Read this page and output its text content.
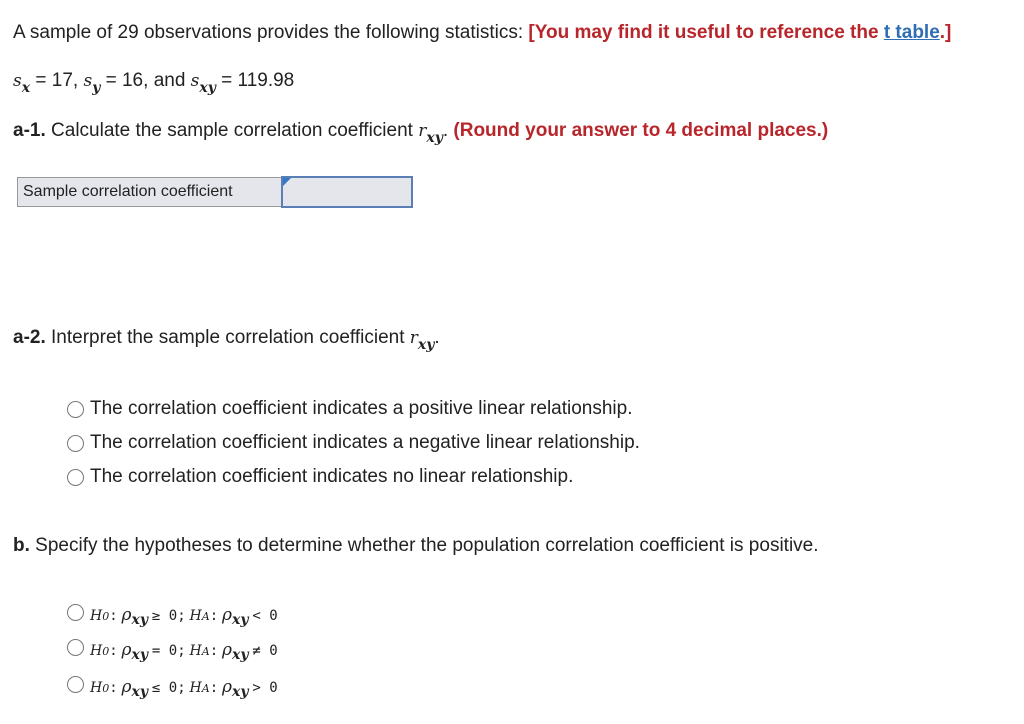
A sample of 29 observations provides the following statistics: [You may find it useful to reference the t table.]
$s_x = 17$, $s_y = 16$, and $s_{xy} = 119.98$
a-1. Calculate the sample correlation coefficient $r_{xy}$. (Round your answer to 4 decimal places.)
Sample correlation coefficient
a-2. Interpret the sample correlation coefficient $r_{xy}$.
The correlation coefficient indicates a positive linear relationship.
The correlation coefficient indicates a negative linear relationship.
The correlation coefficient indicates no linear relationship.
b. Specify the hypotheses to determine whether the population correlation coefficient is positive.
H0: ρxy ≥ 0; HA: ρxy < 0
H0: ρxy = 0; HA: ρxy ≠ 0
H0: ρxy ≤ 0; HA: ρxy > 0
